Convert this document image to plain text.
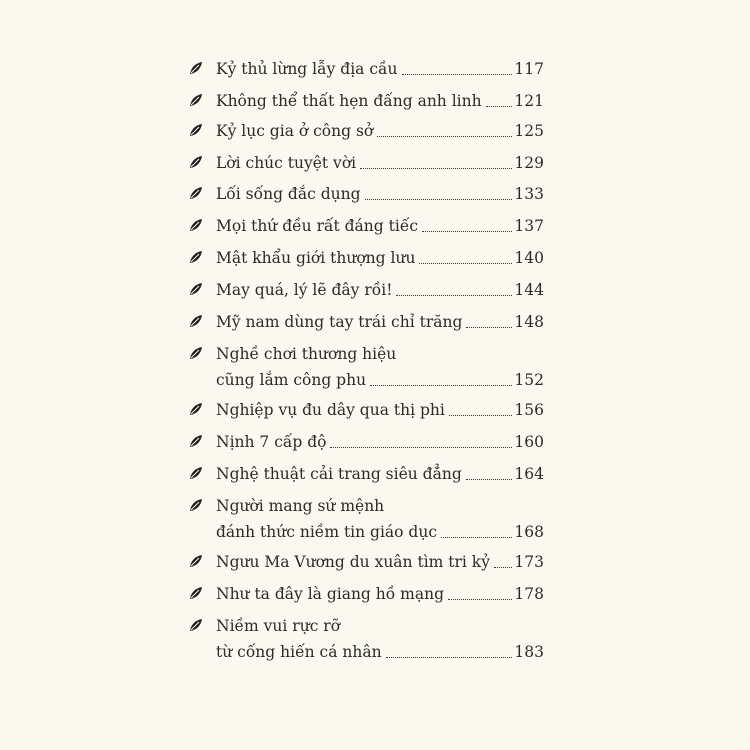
Kỷ thủ lừng lẫy địa cầu	117
Không thể thất hẹn đấng anh linh 121
Kỷ lục gia ở công sở	125
Lời chúc tuyệt vời	129
Lối sống đắc dụng	133
Mọi thứ đều rất đáng tiếc	137
Mật khẩu giới thượng lưu	140
May quá, lý lẽ đây rồi!	144
Mỹ nam dùng tay trái chỉ trăng	148
Nghề chơi thương hiệu
cũng lắm công phu	152
Nghiệp vụ đu dây qua thị phi	156
Nịnh 7 cấp độ	160
Nghệ thuật cải trang siêu đẳng	164
Người mang sứ mệnh
đánh thức niềm tin giáo dục	168
Ngưu Ma Vương du xuân tìm tri kỷ 173
Như ta đây là giang hồ mạng	178
Niềm vui rực rỡ
từ cống hiến cá nhân	183
